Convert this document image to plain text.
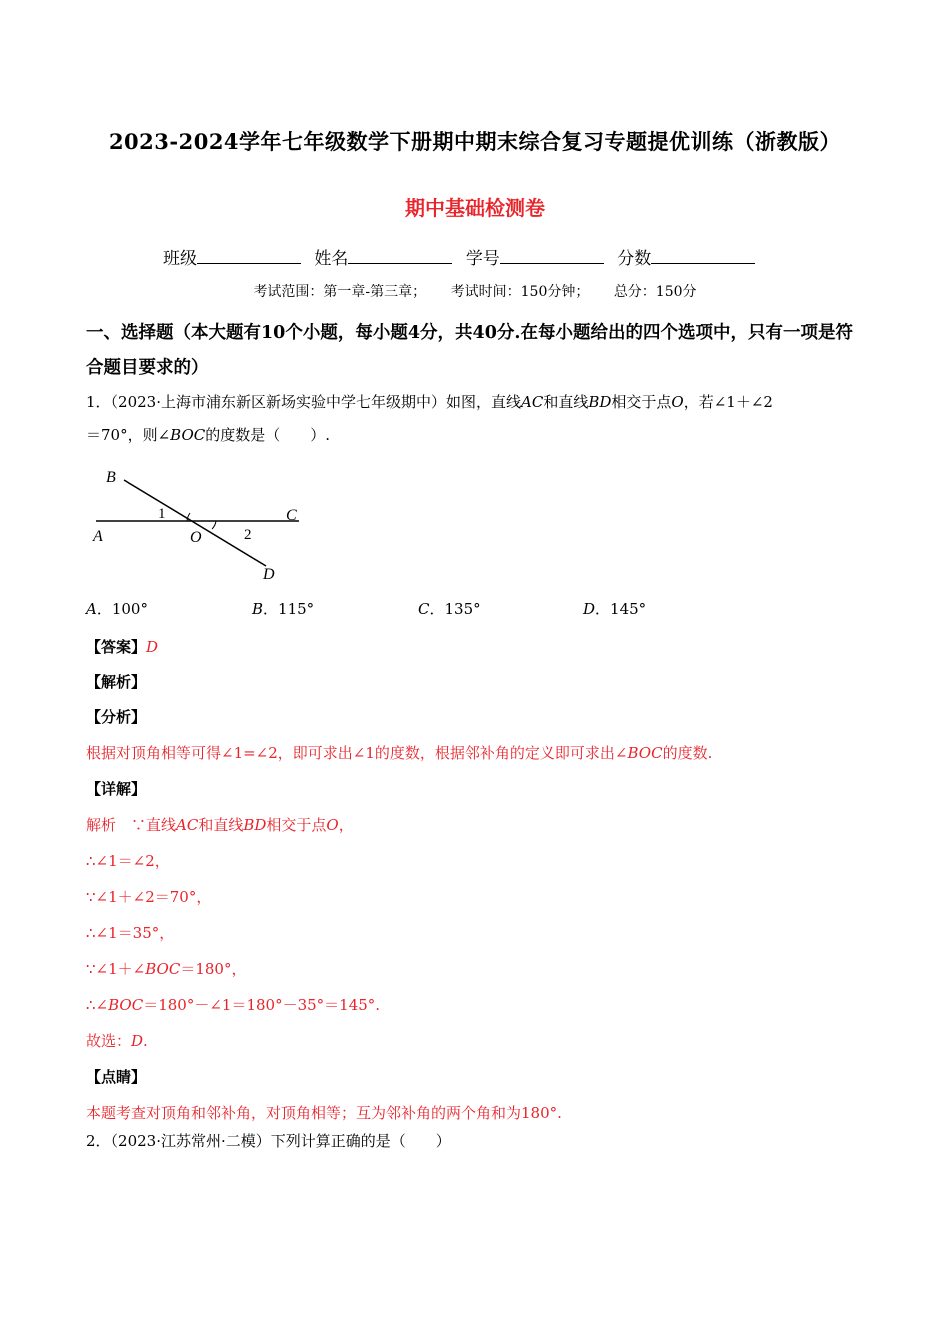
2023-2024学年七年级数学下册期中期末综合复习专题提优训练（浙教版）
期中基础检测卷
班级	姓名	学号	分数
考试范围：第一章-第三章； 考试时间：150分钟； 总分：150分
一、选择题（本大题有10个小题，每小题4分，共40分.在每小题给出的四个选项中，只有一项是符合题目要求的）
1．（2023·上海市浦东新区新场实验中学七年级期中）如图，直线AC和直线BD相交于点O，若∠1＋∠2
＝70°，则∠BOC的度数是（　　）.
B
C
A	O
D
1
2
A．100°	B．115°	C．135°	D．145°
【答案】D
【解析】
【分析】
根据对顶角相等可得∠1=∠2，即可求出∠1的度数，根据邻补角的定义即可求出∠BOC的度数.
【详解】
解析　∵直线AC和直线BD相交于点O，
∴∠1＝∠2，
∵∠1＋∠2＝70°，
∴∠1＝35°，
∵∠1＋∠BOC＝180°，
∴∠BOC＝180°－∠1＝180°－35°＝145°.
故选：D.
【点睛】
本题考查对顶角和邻补角，对顶角相等；互为邻补角的两个角和为180°.
2．（2023·江苏常州·二模）下列计算正确的是（　　）
